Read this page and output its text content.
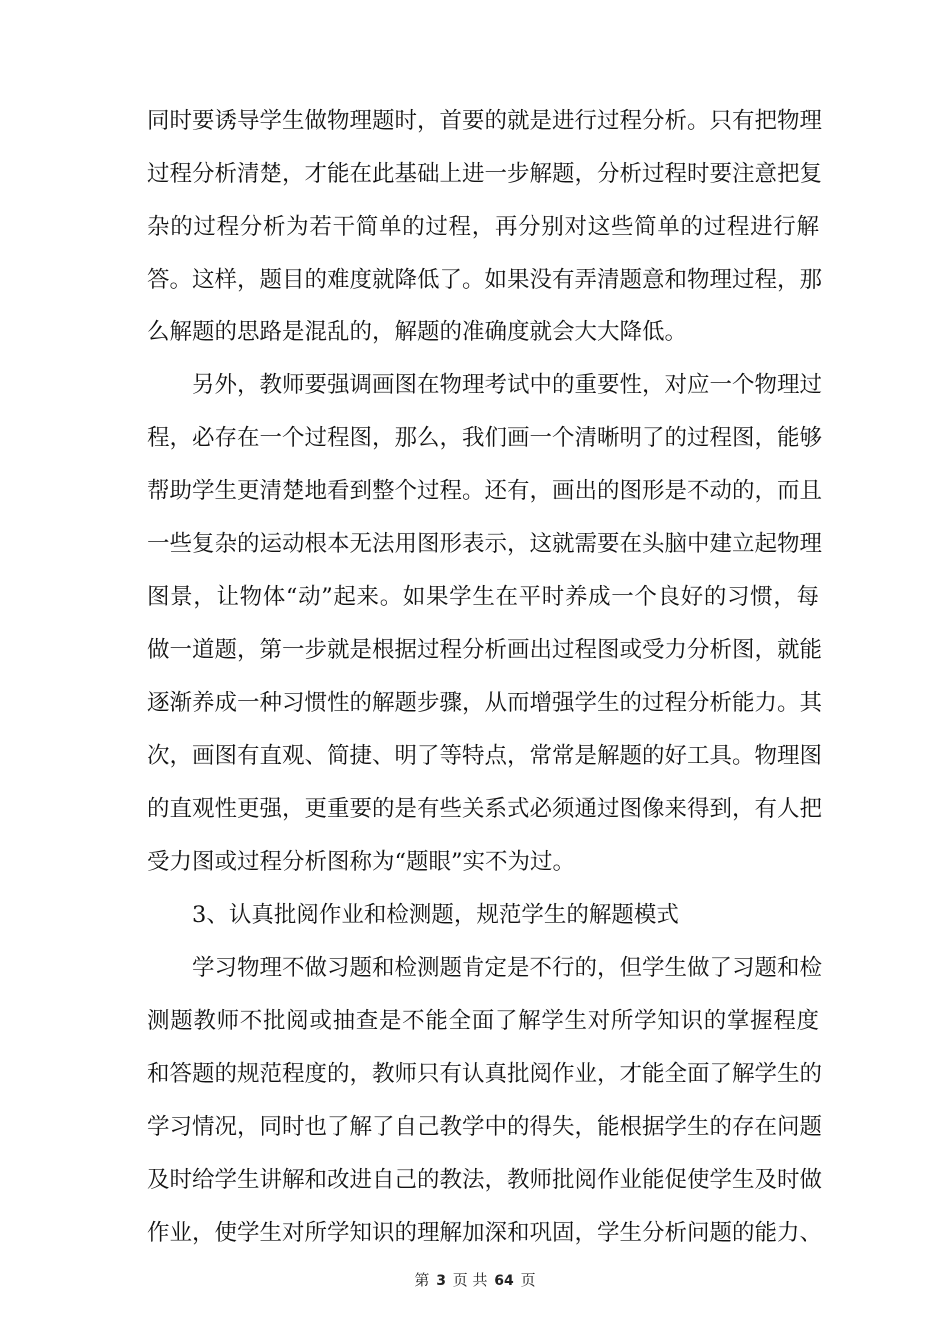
同时要诱导学生做物理题时，首要的就是进行过程分析。只有把物理
过程分析清楚，才能在此基础上进一步解题，分析过程时要注意把复
杂的过程分析为若干简单的过程，再分别对这些简单的过程进行解
答。这样，题目的难度就降低了。如果没有弄清题意和物理过程，那
么解题的思路是混乱的，解题的准确度就会大大降低。
另外，教师要强调画图在物理考试中的重要性，对应一个物理过
程，必存在一个过程图，那么，我们画一个清晰明了的过程图，能够
帮助学生更清楚地看到整个过程。还有，画出的图形是不动的，而且
一些复杂的运动根本无法用图形表示，这就需要在头脑中建立起物理
图景，让物体“动”起来。如果学生在平时养成一个良好的习惯，每
做一道题，第一步就是根据过程分析画出过程图或受力分析图，就能
逐渐养成一种习惯性的解题步骤，从而增强学生的过程分析能力。其
次，画图有直观、简捷、明了等特点，常常是解题的好工具。物理图
的直观性更强，更重要的是有些关系式必须通过图像来得到，有人把
受力图或过程分析图称为“题眼”实不为过。
3、认真批阅作业和检测题，规范学生的解题模式
学习物理不做习题和检测题肯定是不行的，但学生做了习题和检
测题教师不批阅或抽查是不能全面了解学生对所学知识的掌握程度
和答题的规范程度的，教师只有认真批阅作业，才能全面了解学生的
学习情况，同时也了解了自己教学中的得失，能根据学生的存在问题
及时给学生讲解和改进自己的教法，教师批阅作业能促使学生及时做
作业，使学生对所学知识的理解加深和巩固，学生分析问题的能力、
第 3 页 共 64 页
